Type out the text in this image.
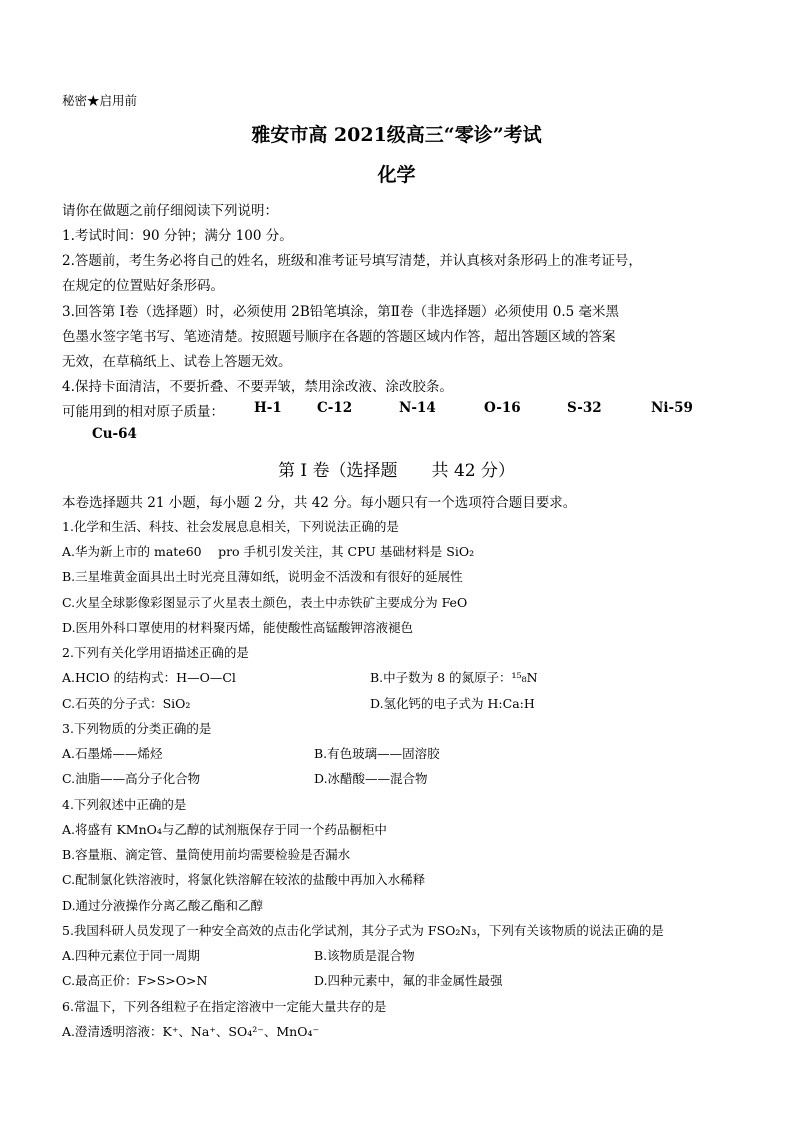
秘密★启用前
雅安市高 2021级高三“零诊”考试
化学
请你在做题之前仔细阅读下列说明：
1.考试时间：90 分钟；满分 100 分。
2.答题前，考生务必将自己的姓名，班级和准考证号填写清楚，并认真核对条形码上的准考证号，
在规定的位置贴好条形码。
3.回答第 I卷（选择题）时，必须使用 2B铅笔填涂，第Ⅱ卷（非选择题）必须使用 0.5 毫米黑
色墨水签字笔书写、笔迹清楚。按照题号顺序在各题的答题区域内作答，超出答题区域的答案
无效，在草稿纸上、试卷上答题无效。
4.保持卡面清洁，不要折叠、不要弄皱，禁用涂改液、涂改胶条。
可能用到的相对原子质量： H-1	C-12	N-14	O-16	S-32	Ni-59
Cu-64
第 I 卷（选择题　　共 42 分）
本卷选择题共 21 小题，每小题 2 分，共 42 分。每小题只有一个选项符合题目要求。
1.化学和生活、科技、社会发展息息相关，下列说法正确的是
A.华为新上市的 mate60　 pro 手机引发关注，其 CPU 基础材料是 SiO₂
B.三星堆黄金面具出土时光亮且薄如纸，说明金不活泼和有很好的延展性
C.火星全球影像彩图显示了火星表土颜色，表土中赤铁矿主要成分为 FeO
D.医用外科口罩使用的材料聚丙烯，能使酸性高锰酸钾溶液褪色
2.下列有关化学用语描述正确的是
A.HClO 的结构式：H—O—Cl	B.中子数为 8 的氮原子：¹⁵₈N
C.石英的分子式：SiO₂	D.氢化钙的电子式为 H:Ca:H
3.下列物质的分类正确的是
A.石墨烯——烯烃	B.有色玻璃——固溶胶
C.油脂——高分子化合物	D.冰醋酸——混合物
4.下列叙述中正确的是
A.将盛有 KMnO₄与乙醇的试剂瓶保存于同一个药品橱柜中
B.容量瓶、滴定管、量筒使用前均需要检验是否漏水
C.配制氯化铁溶液时，将氯化铁溶解在较浓的盐酸中再加入水稀释
D.通过分液操作分离乙酸乙酯和乙醇
5.我国科研人员发现了一种安全高效的点击化学试剂，其分子式为 FSO₂N₃，下列有关该物质的说法正确的是
A.四种元素位于同一周期	B.该物质是混合物
C.最高正价：F>S>O>N	D.四种元素中，氟的非金属性最强
6.常温下，下列各组粒子在指定溶液中一定能大量共存的是
A.澄清透明溶液：K⁺、Na⁺、SO₄²⁻、MnO₄⁻
